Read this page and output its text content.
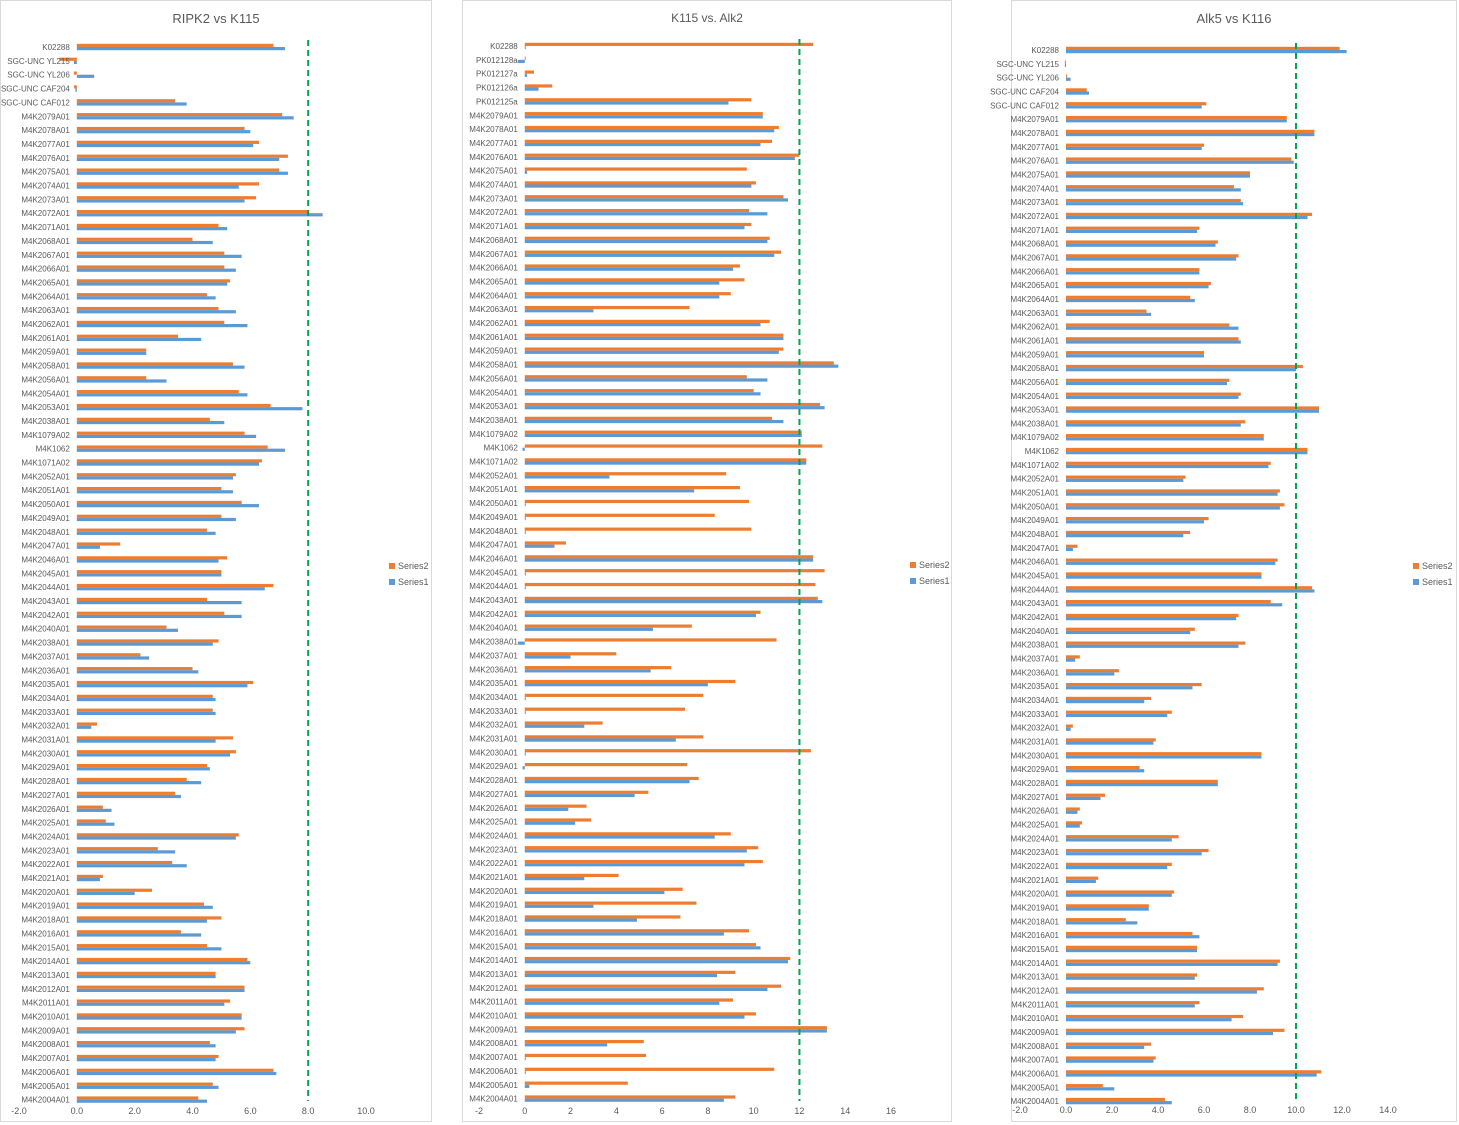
RIPK2 vs K115
K02288
SGC-UNC YL215
SGC-UNC YL206
SGC-UNC CAF204
SGC-UNC CAF012
M4K2079A01
M4K2078A01
M4K2077A01
M4K2076A01
M4K2075A01
M4K2074A01
M4K2073A01
M4K2072A01
M4K2071A01
M4K2068A01
M4K2067A01
M4K2066A01
M4K2065A01
M4K2064A01
M4K2063A01
M4K2062A01
M4K2061A01
M4K2059A01
M4K2058A01
M4K2056A01
M4K2054A01
M4K2053A01
M4K2038A01
M4K1079A02
M4K1062
M4K1071A02
M4K2052A01
M4K2051A01
M4K2050A01
M4K2049A01
M4K2048A01
M4K2047A01
M4K2046A01
M4K2045A01
M4K2044A01
M4K2043A01
M4K2042A01
M4K2040A01
M4K2038A01
M4K2037A01
M4K2036A01
M4K2035A01
M4K2034A01
M4K2033A01
M4K2032A01
M4K2031A01
M4K2030A01
M4K2029A01
M4K2028A01
M4K2027A01
M4K2026A01
M4K2025A01
M4K2024A01
M4K2023A01
M4K2022A01
M4K2021A01
M4K2020A01
M4K2019A01
M4K2018A01
M4K2016A01
M4K2015A01
M4K2014A01
M4K2013A01
M4K2012A01
M4K2011A01
M4K2010A01
M4K2009A01
M4K2008A01
M4K2007A01
M4K2006A01
M4K2005A01
M4K2004A01
-2.0	0.0	2.0	4.0	6.0	8.0	10.0
Series2
Series1
K115 vs. Alk2
K02288
PK012128a
PK012127a
PK012126a
PK012125a
M4K2079A01
M4K2078A01
M4K2077A01
M4K2076A01
M4K2075A01
M4K2074A01
M4K2073A01
M4K2072A01
M4K2071A01
M4K2068A01
M4K2067A01
M4K2066A01
M4K2065A01
M4K2064A01
M4K2063A01
M4K2062A01
M4K2061A01
M4K2059A01
M4K2058A01
M4K2056A01
M4K2054A01
M4K2053A01
M4K2038A01
M4K1079A02
M4K1062
M4K1071A02
M4K2052A01
M4K2051A01
M4K2050A01
M4K2049A01
M4K2048A01
M4K2047A01
M4K2046A01
M4K2045A01
M4K2044A01
M4K2043A01
M4K2042A01
M4K2040A01
M4K2038A01
M4K2037A01
M4K2036A01
M4K2035A01
M4K2034A01
M4K2033A01
M4K2032A01
M4K2031A01
M4K2030A01
M4K2029A01
M4K2028A01
M4K2027A01
M4K2026A01
M4K2025A01
M4K2024A01
M4K2023A01
M4K2022A01
M4K2021A01
M4K2020A01
M4K2019A01
M4K2018A01
M4K2016A01
M4K2015A01
M4K2014A01
M4K2013A01
M4K2012A01
M4K2011A01
M4K2010A01
M4K2009A01
M4K2008A01
M4K2007A01
M4K2006A01
M4K2005A01
M4K2004A01
-2	0	2	4	6	8	10	12	14	16
Series2
Series1
Alk5 vs K116
K02288
SGC-UNC YL215
SGC-UNC YL206
SGC-UNC CAF204
SGC-UNC CAF012
M4K2079A01
M4K2078A01
M4K2077A01
M4K2076A01
M4K2075A01
M4K2074A01
M4K2073A01
M4K2072A01
M4K2071A01
M4K2068A01
M4K2067A01
M4K2066A01
M4K2065A01
M4K2064A01
M4K2063A01
M4K2062A01
M4K2061A01
M4K2059A01
M4K2058A01
M4K2056A01
M4K2054A01
M4K2053A01
M4K2038A01
M4K1079A02
M4K1062
M4K1071A02
M4K2052A01
M4K2051A01
M4K2050A01
M4K2049A01
M4K2048A01
M4K2047A01
M4K2046A01
M4K2045A01
M4K2044A01
M4K2043A01
M4K2042A01
M4K2040A01
M4K2038A01
M4K2037A01
M4K2036A01
M4K2035A01
M4K2034A01
M4K2033A01
M4K2032A01
M4K2031A01
M4K2030A01
M4K2029A01
M4K2028A01
M4K2027A01
M4K2026A01
M4K2025A01
M4K2024A01
M4K2023A01
M4K2022A01
M4K2021A01
M4K2020A01
M4K2019A01
M4K2018A01
M4K2016A01
M4K2015A01
M4K2014A01
M4K2013A01
M4K2012A01
M4K2011A01
M4K2010A01
M4K2009A01
M4K2008A01
M4K2007A01
M4K2006A01
M4K2005A01
M4K2004A01
-2.0	0.0	2.0	4.0	6.0	8.0	10.0	12.0	14.0
Series2
Series1
